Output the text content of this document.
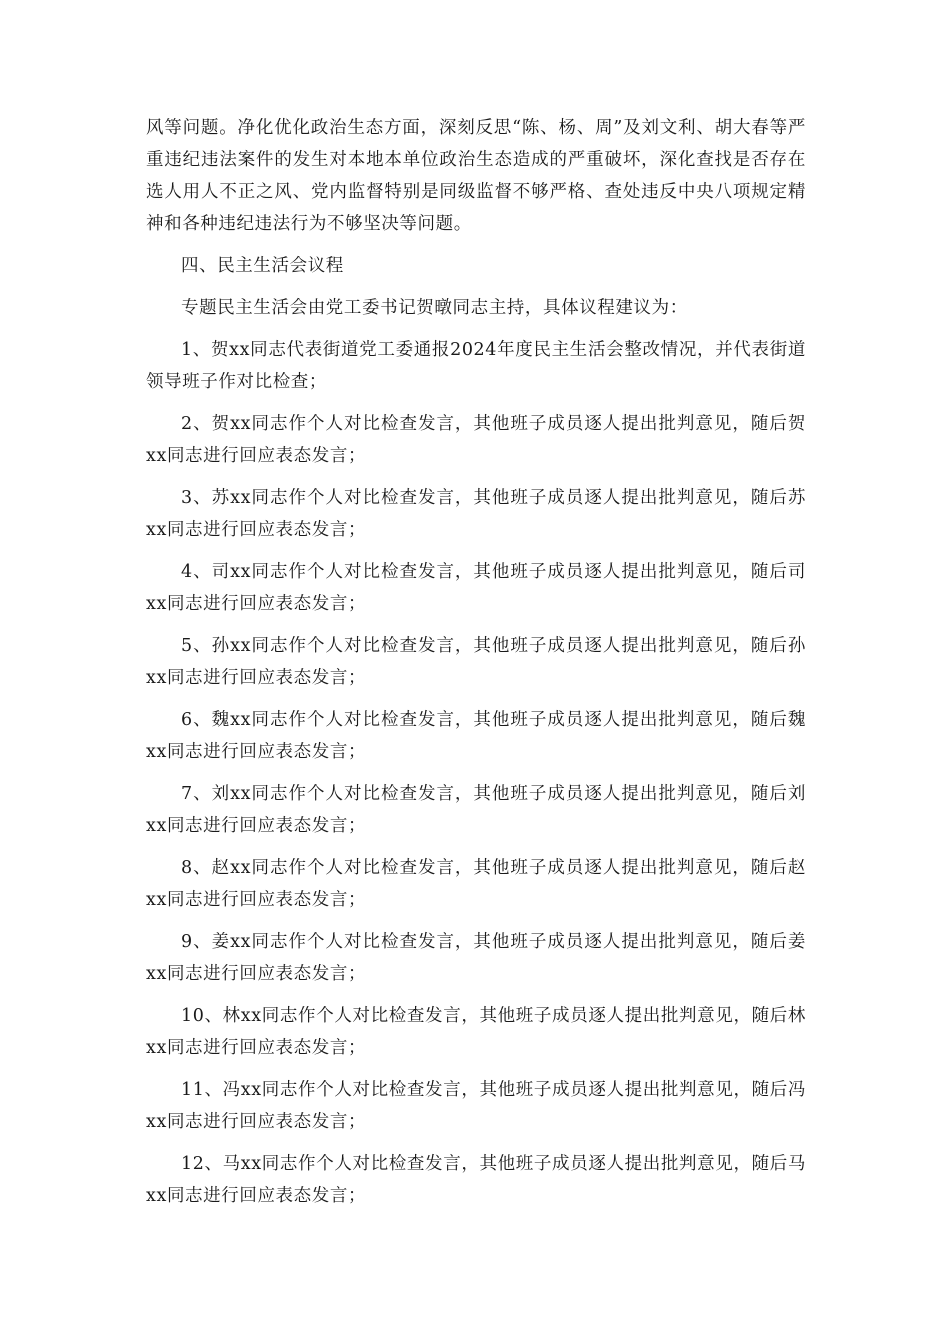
风等问题。净化优化政治生态方面，深刻反思“陈、杨、周”及刘文利、胡大春等严重违纪违法案件的发生对本地本单位政治生态造成的严重破坏，深化查找是否存在选人用人不正之风、党内监督特别是同级监督不够严格、查处违反中央八项规定精神和各种违纪违法行为不够坚决等问题。

四、民主生活会议程

专题民主生活会由党工委书记贺暾同志主持，具体议程建议为：

1、贺xx同志代表街道党工委通报2024年度民主生活会整改情况，并代表街道领导班子作对比检查；

2、贺xx同志作个人对比检查发言，其他班子成员逐人提出批判意见，随后贺xx同志进行回应表态发言；

3、苏xx同志作个人对比检查发言，其他班子成员逐人提出批判意见，随后苏xx同志进行回应表态发言；

4、司xx同志作个人对比检查发言，其他班子成员逐人提出批判意见，随后司xx同志进行回应表态发言；

5、孙xx同志作个人对比检查发言，其他班子成员逐人提出批判意见，随后孙xx同志进行回应表态发言；

6、魏xx同志作个人对比检查发言，其他班子成员逐人提出批判意见，随后魏xx同志进行回应表态发言；

7、刘xx同志作个人对比检查发言，其他班子成员逐人提出批判意见，随后刘xx同志进行回应表态发言；

8、赵xx同志作个人对比检查发言，其他班子成员逐人提出批判意见，随后赵xx同志进行回应表态发言；

9、姜xx同志作个人对比检查发言，其他班子成员逐人提出批判意见，随后姜xx同志进行回应表态发言；

10、林xx同志作个人对比检查发言，其他班子成员逐人提出批判意见，随后林xx同志进行回应表态发言；

11、冯xx同志作个人对比检查发言，其他班子成员逐人提出批判意见，随后冯xx同志进行回应表态发言；

12、马xx同志作个人对比检查发言，其他班子成员逐人提出批判意见，随后马xx同志进行回应表态发言；
